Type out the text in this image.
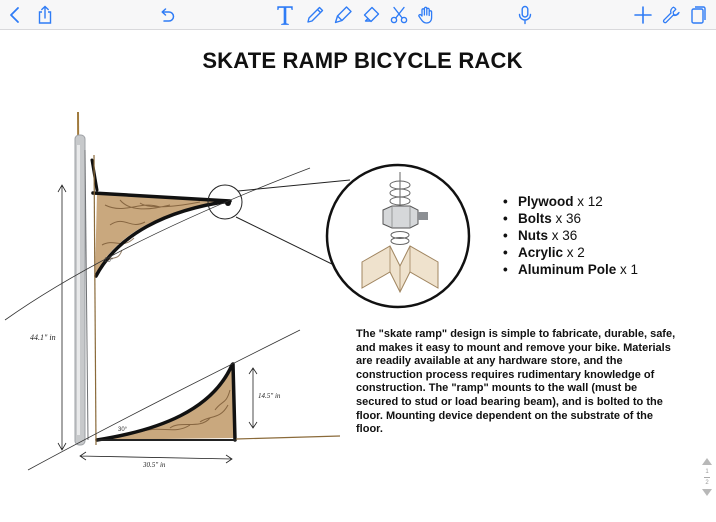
10°
30°
44.1" in
14.5" in
30.5" in
SKATE RAMP BICYCLE RACK
• Plywood x 12
• Bolts x 36
• Nuts x 36
• Acrylic x 2
• Aluminum Pole x 1
The "skate ramp" design is simple to fabricate, durable, safe, and makes it easy to mount and remove your bike. Materials are readily available at any hardware store, and the construction process requires rudimentary knowledge of construction. The "ramp" mounts to the wall (must be secured to stud or load bearing beam), and is bolted to the floor. Mounting device dependent on the substrate of the floor.
1
2
